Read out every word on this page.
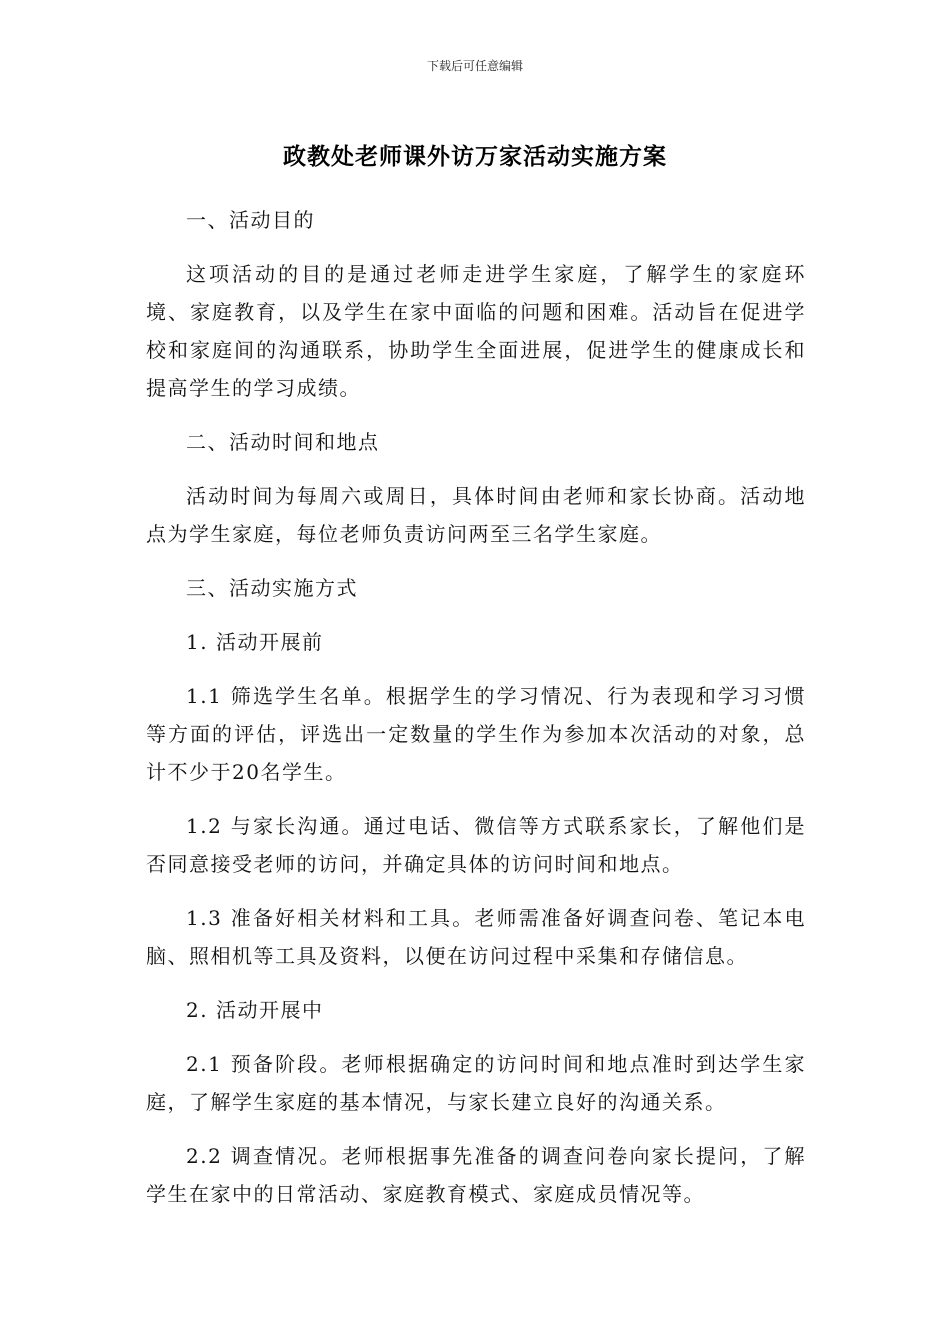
下载后可任意编辑
政教处老师课外访万家活动实施方案

一、活动目的

这项活动的目的是通过老师走进学生家庭，了解学生的家庭环境、家庭教育，以及学生在家中面临的问题和困难。活动旨在促进学校和家庭间的沟通联系，协助学生全面进展，促进学生的健康成长和提高学生的学习成绩。

二、活动时间和地点

活动时间为每周六或周日，具体时间由老师和家长协商。活动地点为学生家庭，每位老师负责访问两至三名学生家庭。

三、活动实施方式

1. 活动开展前

1.1 筛选学生名单。根据学生的学习情况、行为表现和学习习惯等方面的评估，评选出一定数量的学生作为参加本次活动的对象，总计不少于20名学生。

1.2 与家长沟通。通过电话、微信等方式联系家长，了解他们是否同意接受老师的访问，并确定具体的访问时间和地点。

1.3 准备好相关材料和工具。老师需准备好调查问卷、笔记本电脑、照相机等工具及资料，以便在访问过程中采集和存储信息。

2. 活动开展中

2.1 预备阶段。老师根据确定的访问时间和地点准时到达学生家庭，了解学生家庭的基本情况，与家长建立良好的沟通关系。

2.2 调查情况。老师根据事先准备的调查问卷向家长提问，了解学生在家中的日常活动、家庭教育模式、家庭成员情况等。
